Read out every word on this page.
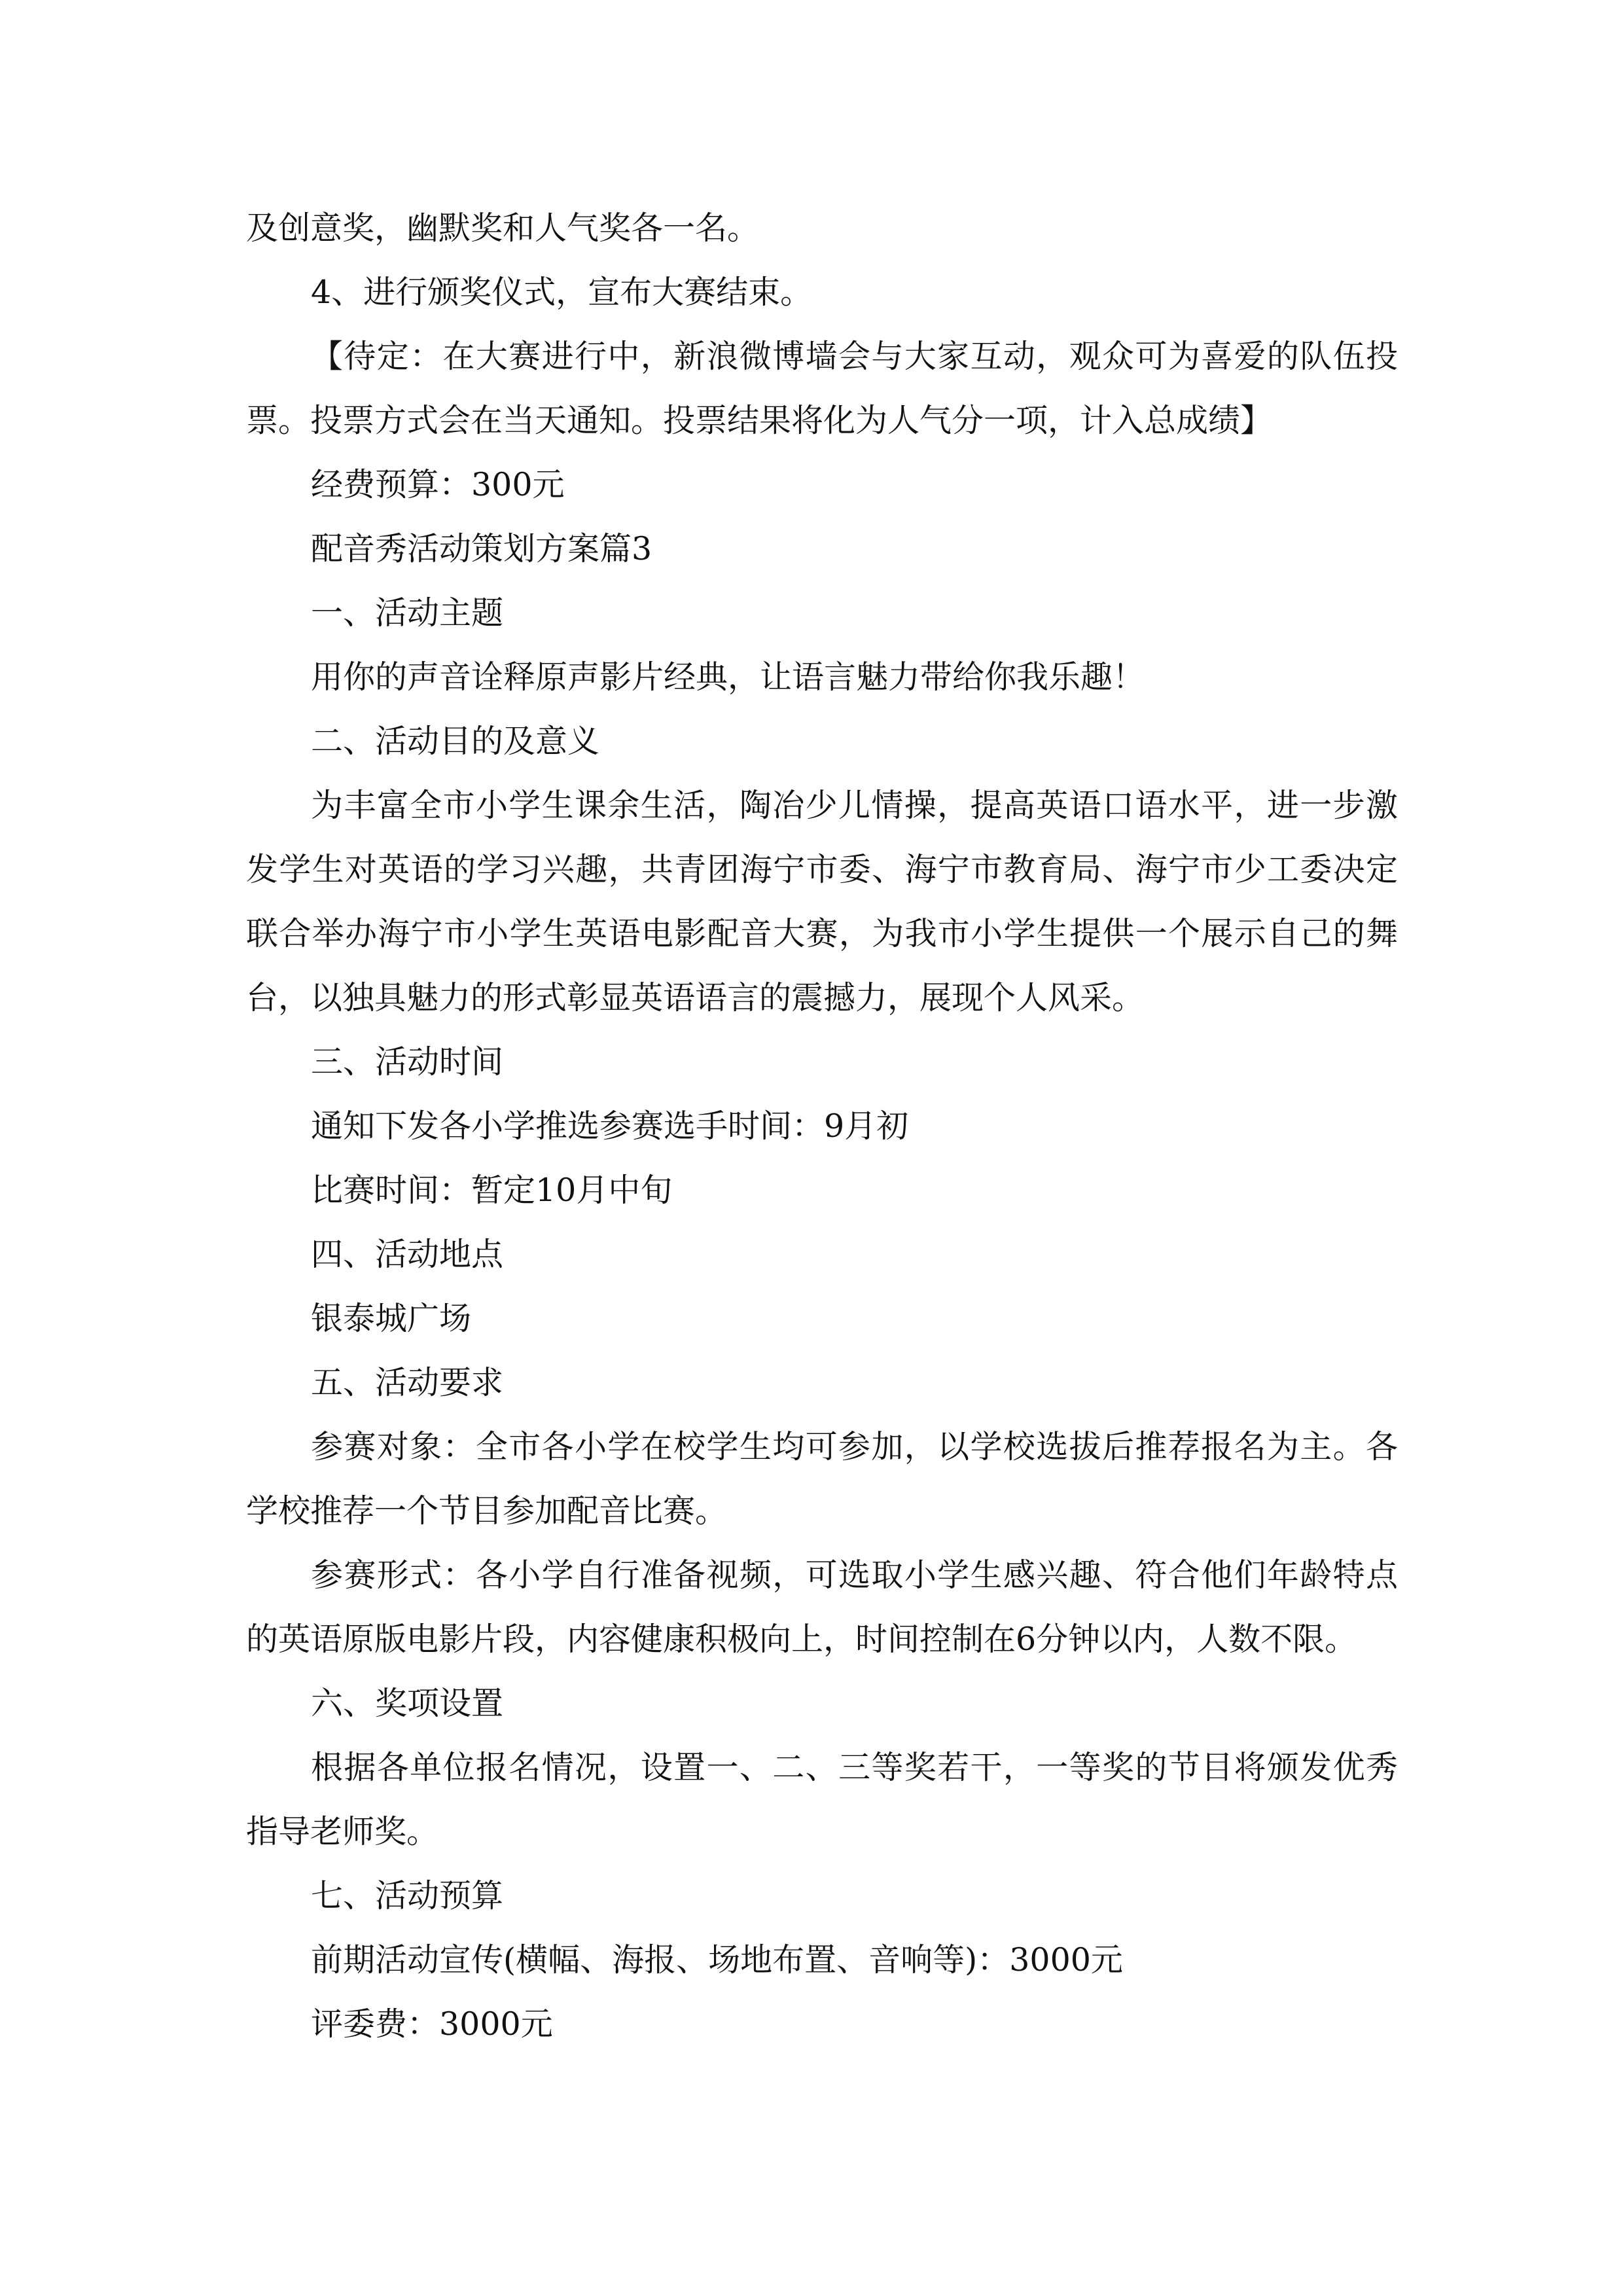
及创意奖，幽默奖和人气奖各一名。

4、进行颁奖仪式，宣布大赛结束。

【待定：在大赛进行中，新浪微博墙会与大家互动，观众可为喜爱的队伍投票。投票方式会在当天通知。投票结果将化为人气分一项，计入总成绩】

经费预算：300元

配音秀活动策划方案篇3

一、活动主题

用你的声音诠释原声影片经典，让语言魅力带给你我乐趣！

二、活动目的及意义

为丰富全市小学生课余生活，陶冶少儿情操，提高英语口语水平，进一步激发学生对英语的学习兴趣，共青团海宁市委、海宁市教育局、海宁市少工委决定联合举办海宁市小学生英语电影配音大赛，为我市小学生提供一个展示自己的舞台，以独具魅力的形式彰显英语语言的震撼力，展现个人风采。

三、活动时间

通知下发各小学推选参赛选手时间：9月初

比赛时间：暂定10月中旬

四、活动地点

银泰城广场

五、活动要求

参赛对象：全市各小学在校学生均可参加，以学校选拔后推荐报名为主。各学校推荐一个节目参加配音比赛。

参赛形式：各小学自行准备视频，可选取小学生感兴趣、符合他们年龄特点的英语原版电影片段，内容健康积极向上，时间控制在6分钟以内，人数不限。

六、奖项设置

根据各单位报名情况，设置一、二、三等奖若干，一等奖的节目将颁发优秀指导老师奖。

七、活动预算

前期活动宣传(横幅、海报、场地布置、音响等)：3000元

评委费：3000元
